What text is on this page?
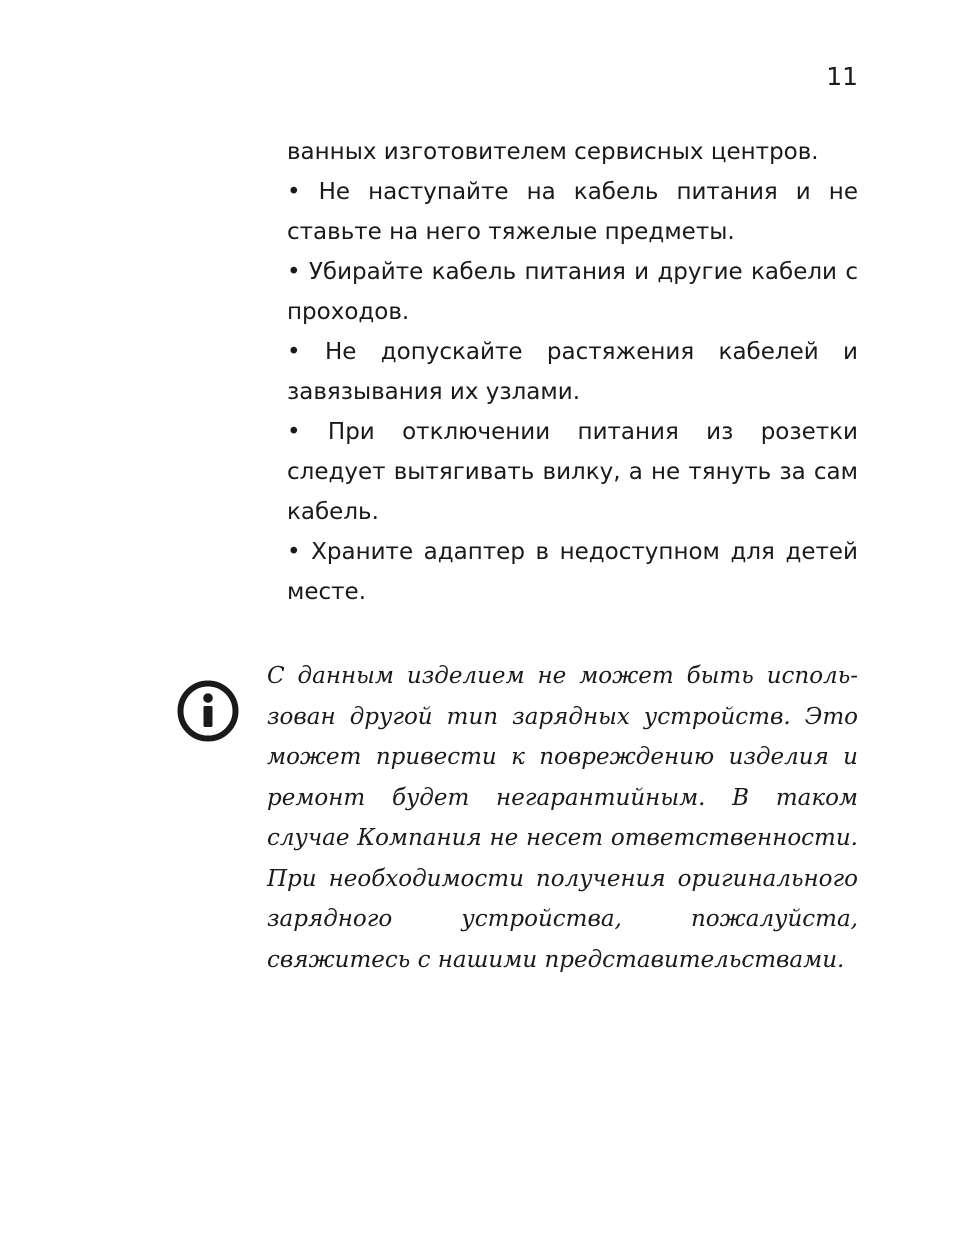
11

ванных изготовителем сервисных центров.

• Не наступайте на кабель питания и не ставьте на него тяжелые предметы.

• Убирайте кабель питания и другие кабели с проходов.

• Не допускайте растяжения кабелей и завязывания их узлами.

• При отключении питания из розетки следует вытягивать вилку, а не тянуть за сам кабель.

• Храните адаптер в недоступном для детей месте.

С данным изделием не может быть использован другой тип зарядных устройств. Это может привести к повреждению изделия и ремонт будет негарантийным. В таком случае Компания не несет ответственности. При необходимости получения оригинального зарядного устройства, пожалуйста, свяжитесь с нашими представительствами.
